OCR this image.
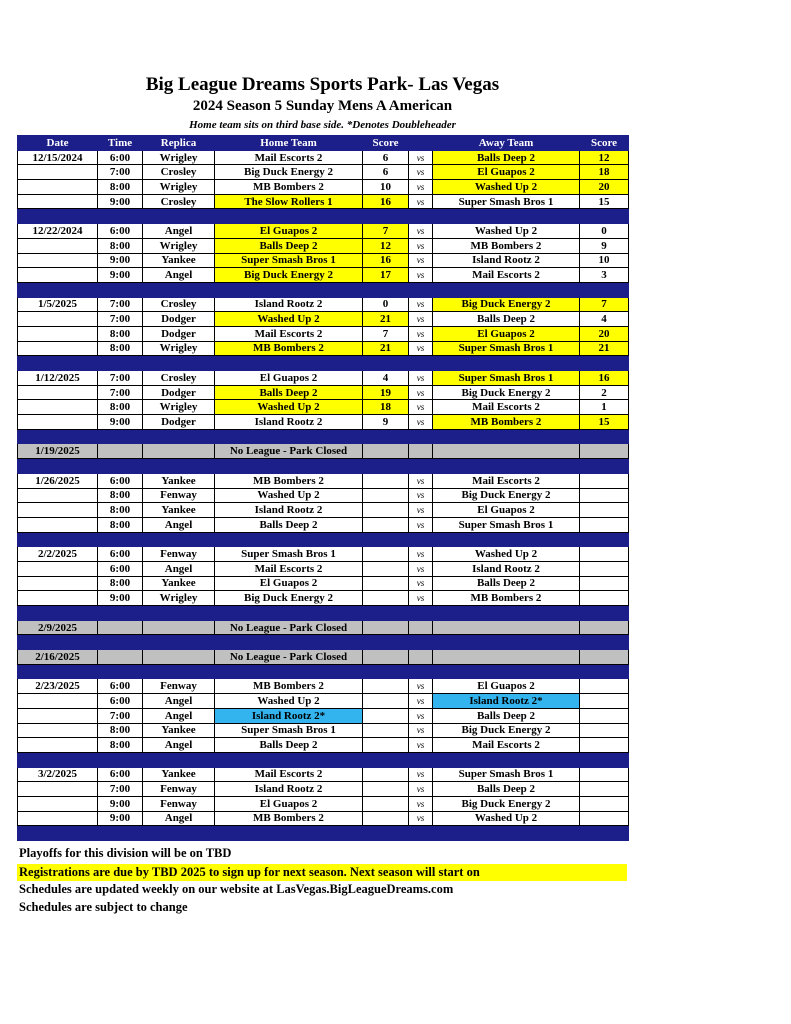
Big League Dreams Sports Park- Las Vegas
2024 Season 5 Sunday Mens A American
Home team sits on third base side. *Denotes Doubleheader
Date	Time	Replica	Home Team	Score		Away Team	Score
12/15/2024	6:00	Wrigley	Mail Escorts 2	6	vs	Balls Deep 2	12
	7:00	Crosley	Big Duck Energy 2	6	vs	El Guapos 2	18
	8:00	Wrigley	MB Bombers 2	10	vs	Washed Up 2	20
	9:00	Crosley	The Slow Rollers 1	16	vs	Super Smash Bros 1	15

12/22/2024	6:00	Angel	El Guapos 2	7	vs	Washed Up 2	0
	8:00	Wrigley	Balls Deep 2	12	vs	MB Bombers 2	9
	9:00	Yankee	Super Smash Bros 1	16	vs	Island Rootz 2	10
	9:00	Angel	Big Duck Energy 2	17	vs	Mail Escorts 2	3

1/5/2025	7:00	Crosley	Island Rootz 2	0	vs	Big Duck Energy 2	7
	7:00	Dodger	Washed Up 2	21	vs	Balls Deep 2	4
	8:00	Dodger	Mail Escorts 2	7	vs	El Guapos 2	20
	8:00	Wrigley	MB Bombers 2	21	vs	Super Smash Bros 1	21

1/12/2025	7:00	Crosley	El Guapos 2	4	vs	Super Smash Bros 1	16
	7:00	Dodger	Balls Deep 2	19	vs	Big Duck Energy 2	2
	8:00	Wrigley	Washed Up 2	18	vs	Mail Escorts 2	1
	9:00	Dodger	Island Rootz 2	9	vs	MB Bombers 2	15

1/19/2025			No League - Park Closed				

1/26/2025	6:00	Yankee	MB Bombers 2		vs	Mail Escorts 2	
	8:00	Fenway	Washed Up 2		vs	Big Duck Energy 2	
	8:00	Yankee	Island Rootz 2		vs	El Guapos 2	
	8:00	Angel	Balls Deep 2		vs	Super Smash Bros 1	

2/2/2025	6:00	Fenway	Super Smash Bros 1		vs	Washed Up 2	
	6:00	Angel	Mail Escorts 2		vs	Island Rootz 2	
	8:00	Yankee	El Guapos 2		vs	Balls Deep 2	
	9:00	Wrigley	Big Duck Energy 2		vs	MB Bombers 2	

2/9/2025			No League - Park Closed				

2/16/2025			No League - Park Closed				

2/23/2025	6:00	Fenway	MB Bombers 2		vs	El Guapos 2	
	6:00	Angel	Washed Up 2		vs	Island Rootz 2*	
	7:00	Angel	Island Rootz 2*		vs	Balls Deep 2	
	8:00	Yankee	Super Smash Bros 1		vs	Big Duck Energy 2	
	8:00	Angel	Balls Deep 2		vs	Mail Escorts 2	

3/2/2025	6:00	Yankee	Mail Escorts 2		vs	Super Smash Bros 1	
	7:00	Fenway	Island Rootz 2		vs	Balls Deep 2	
	9:00	Fenway	El Guapos 2		vs	Big Duck Energy 2	
	9:00	Angel	MB Bombers 2		vs	Washed Up 2	

Playoffs for this division will be on TBD
Registrations are due by TBD 2025 to sign up for next season. Next season will start on
Schedules are updated weekly on our website at LasVegas.BigLeagueDreams.com
Schedules are subject to change
